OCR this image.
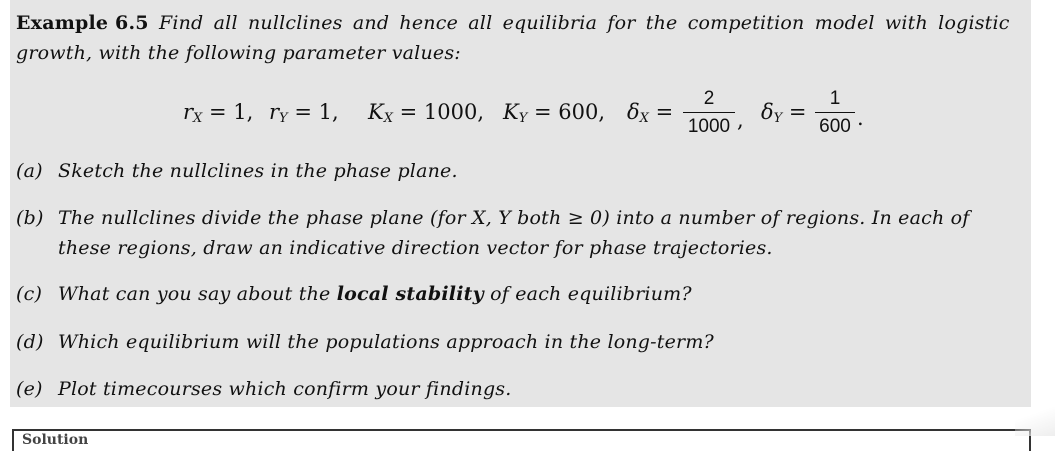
Example 6.5 Find all nullclines and hence all equilibria for the competition model with logistic
growth, with the following parameter values:
$r_X = 1$, $r_Y = 1$, $K_X = 1000$, $K_Y = 600$, $\delta_X$ =
2
1000 , $\delta_Y$ =
1
600 .
(a) Sketch the nullclines in the phase plane.
(b) The nullclines divide the phase plane (for X, Y both ≥ 0) into a number of regions. In each of
these regions, draw an indicative direction vector for phase trajectories.
(c) What can you say about the local stability of each equilibrium?
(d) Which equilibrium will the populations approach in the long-term?
(e) Plot timecourses which confirm your findings.
Solution
